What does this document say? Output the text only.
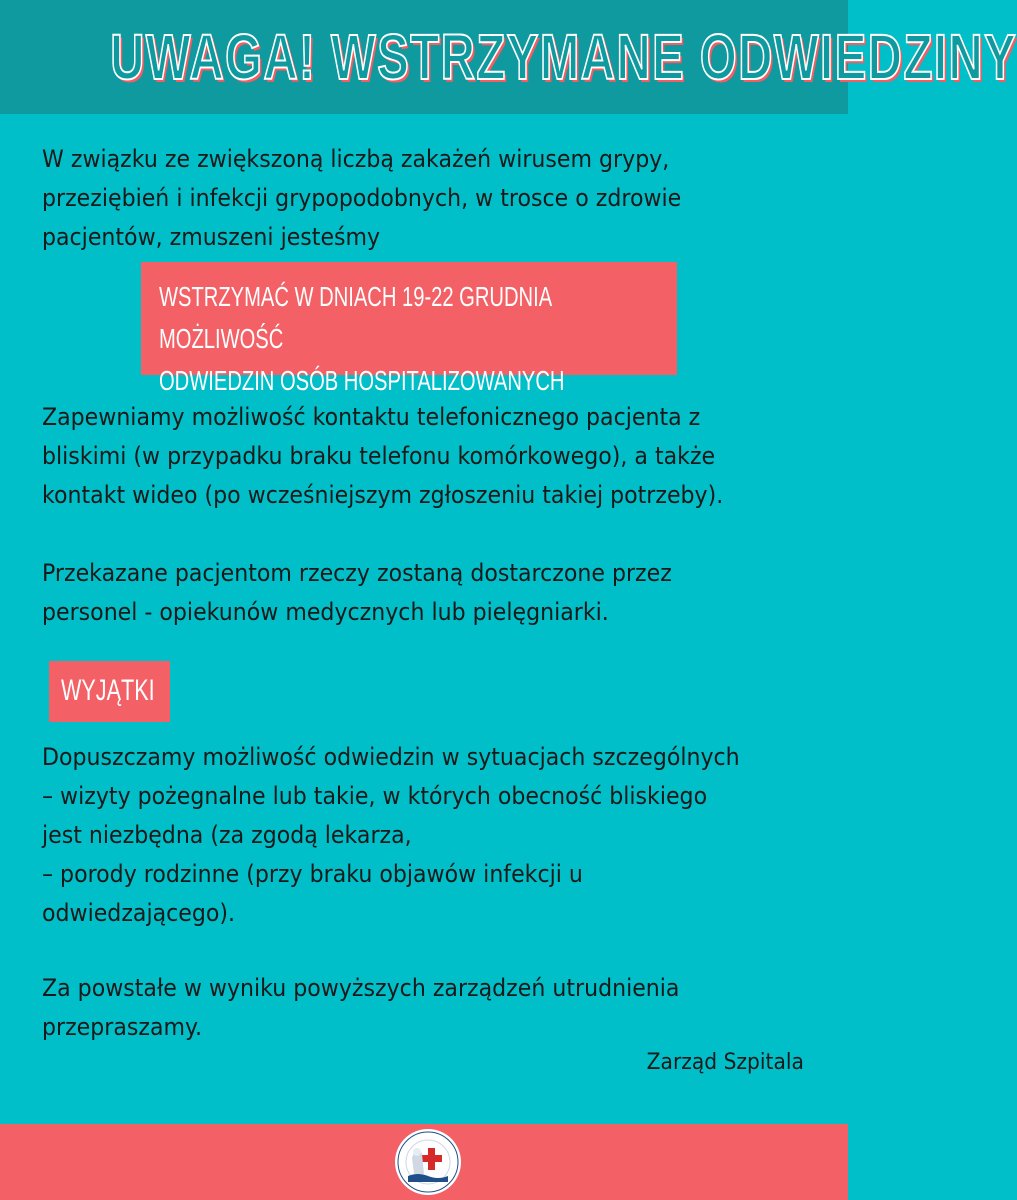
UWAGA! WSTRZYMANE ODWIEDZINY

W związku ze zwiększoną liczbą zakażeń wirusem grypy,
przeziębień i infekcji grypopodobnych, w trosce o zdrowie
pacjentów, zmuszeni jesteśmy

WSTRZYMAĆ W DNIACH 19-22 GRUDNIA MOŻLIWOŚĆ
ODWIEDZIN OSÓB HOSPITALIZOWANYCH

Zapewniamy możliwość kontaktu telefonicznego pacjenta z
bliskimi (w przypadku braku telefonu komórkowego), a także
kontakt wideo (po wcześniejszym zgłoszeniu takiej potrzeby).

Przekazane pacjentom rzeczy zostaną dostarczone przez
personel - opiekunów medycznych lub pielęgniarki.

WYJĄTKI

Dopuszczamy możliwość odwiedzin w sytuacjach szczególnych
– wizyty pożegnalne lub takie, w których obecność bliskiego
jest niezbędna (za zgodą lekarza,
– porody rodzinne (przy braku objawów infekcji u
odwiedzającego).

Za powstałe w wyniku powyższych zarządzeń utrudnienia
przepraszamy.

Zarząd Szpitala
